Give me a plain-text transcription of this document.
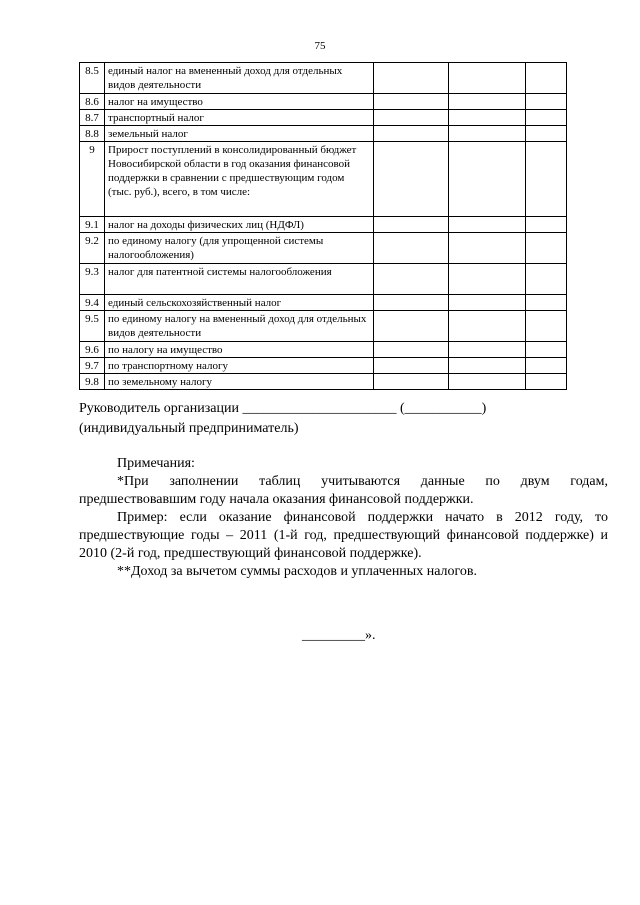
75
8.5	единый налог на вмененный доход для отдельных видов деятельности			
8.6	налог на имущество			
8.7	транспортный налог			
8.8	земельный налог			
9	Прирост поступлений в консолидированный бюджет Новосибирской области в год оказания финансовой поддержки в сравнении с предшествующим годом (тыс. руб.), всего, в том числе:			
9.1	налог на доходы физических лиц (НДФЛ)			
9.2	по единому налогу (для упрощенной системы налогообложения)			
9.3	налог для патентной системы налогообложения			
9.4	единый сельскохозяйственный налог			
9.5	по единому налогу на вмененный доход для отдельных видов деятельности			
9.6	по налогу на имущество			
9.7	по транспортному налогу			
9.8	по земельному налогу			
Руководитель организации ______________________ (___________)
(индивидуальный предприниматель)

Примечания:

*При заполнении таблиц учитываются данные по двум годам, предшествовавшим году начала оказания финансовой поддержки.

Пример: если оказание финансовой поддержки начато в 2012 году, то предшествующие годы – 2011 (1-й год, предшествующий финансовой поддержке) и 2010 (2-й год, предшествующий финансовой поддержке).

**Доход за вычетом суммы расходов и уплаченных налогов.

_________».
